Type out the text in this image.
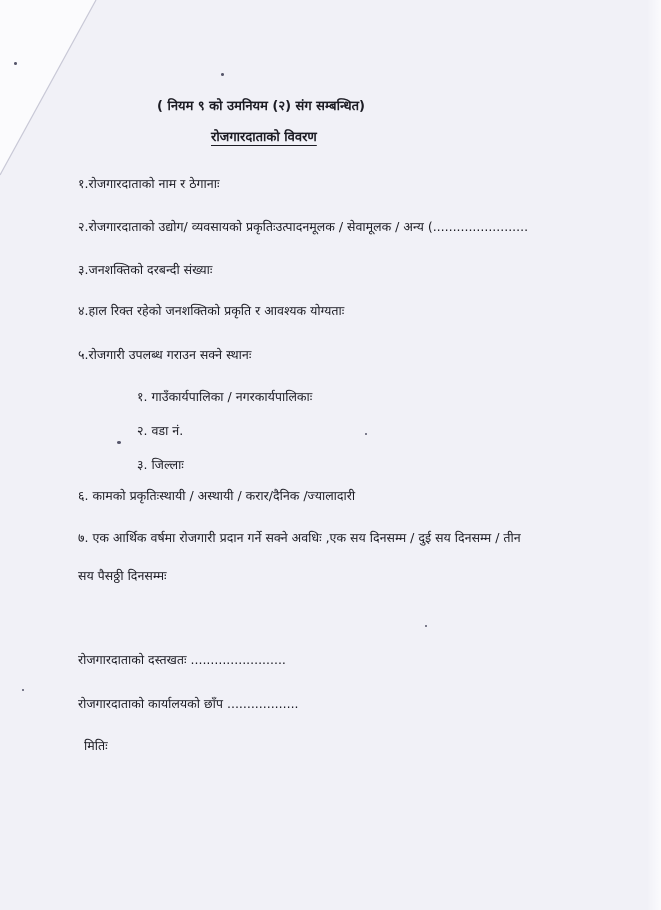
( नियम ९ को उमनियम (२) संग सम्बन्धित)
रोजगारदाताको विवरण
१.रोजगारदाताको नाम र ठेगानाः
२.रोजगारदाताको उद्योग/ व्यवसायको प्रकृतिःउत्पादनमूलक / सेवामूलक / अन्य (........................
३.जनशक्तिको दरबन्दी संख्याः
४.हाल रिक्त रहेको जनशक्तिको प्रकृति र आवश्यक योग्यताः
५.रोजगारी उपलब्ध गराउन सक्ने स्थानः
१. गाउँकार्यपालिका / नगरकार्यपालिकाः
२. वडा नं.
३. जिल्लाः
६. कामको प्रकृतिःस्थायी / अस्थायी / करार/दैनिक /ज्यालादारी
७. एक आर्थिक वर्षमा रोजगारी प्रदान गर्ने सक्ने अवधिः ,एक सय दिनसम्म / दुई सय दिनसम्म / तीन
सय पैसठ्ठी दिनसम्मः
रोजगारदाताको दस्तखतः ........................
रोजगारदाताको कार्यालयको छाँप ..................
मितिः
